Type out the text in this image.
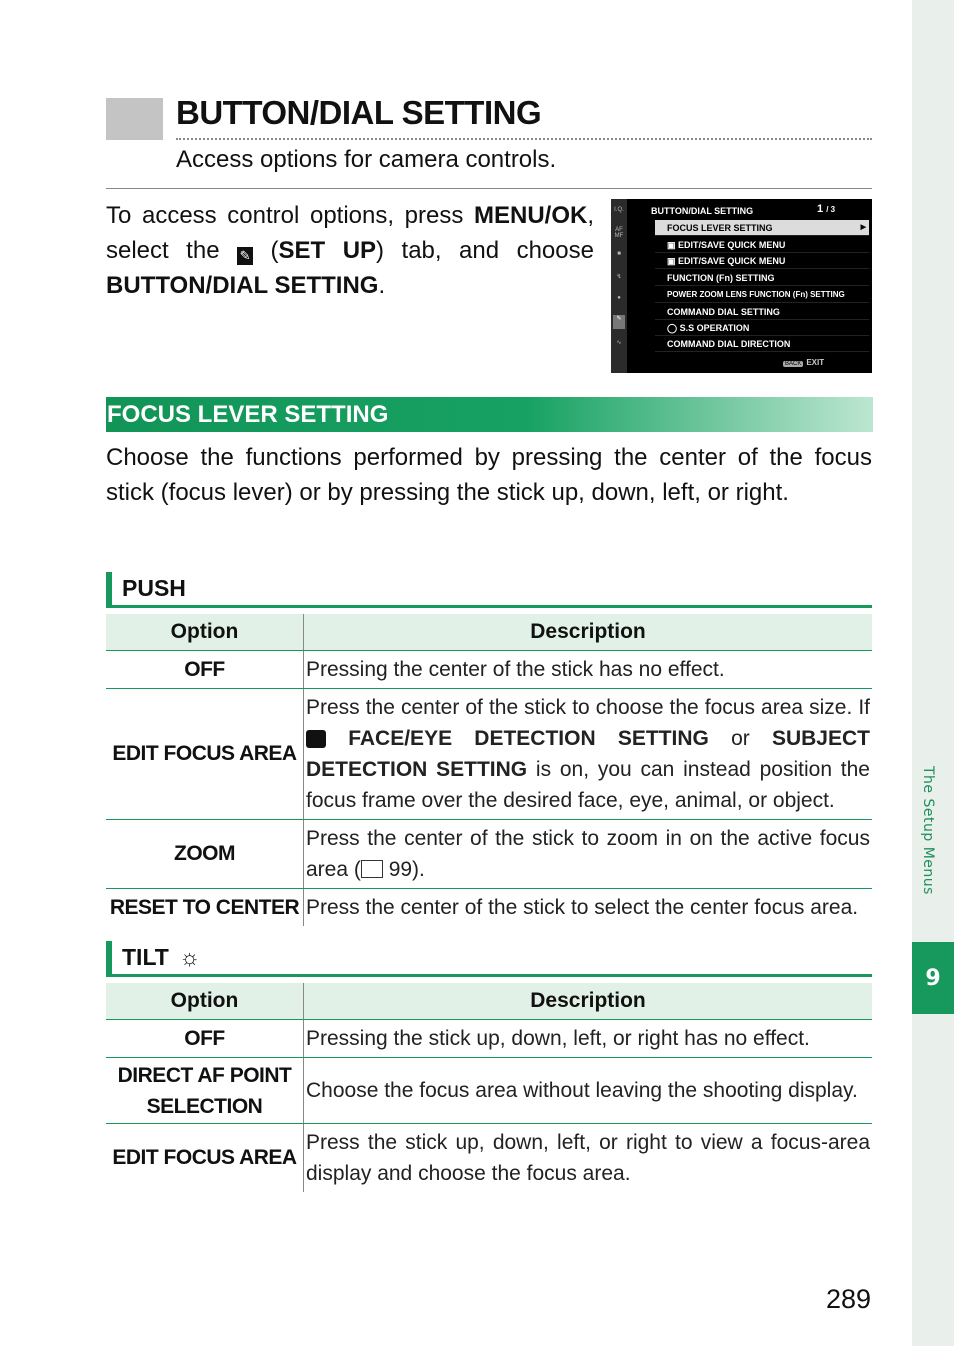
The Setup Menus
9
BUTTON/DIAL SETTING
Access options for camera controls.
To access control options, press MENU/OK, select the ✎ (SET UP) tab, and choose BUTTON/DIAL SETTING.
I.Q.
AF MF
■
↯
●
✎
∿
BUTTON/DIAL SETTING	1 / 3
FOCUS LEVER SETTING ▶
▣ EDIT/SAVE QUICK MENU
▣ EDIT/SAVE QUICK MENU
FUNCTION (Fn) SETTING
POWER ZOOM LENS FUNCTION (Fn) SETTING
COMMAND DIAL SETTING
◯ S.S OPERATION
COMMAND DIAL DIRECTION
BACK EXIT
FOCUS LEVER SETTING
Choose the functions performed by pressing the center of the focus stick (focus lever) or by pressing the stick up, down, left, or right.
PUSH
Option	Description
OFF	Pressing the center of the stick has no effect.
EDIT FOCUS AREA	Press the center of the stick to choose the focus area size. If  FACE/EYE DETECTION SETTING or SUBJECT DETECTION SETTING is on, you can instead position the focus frame over the desired face, eye, animal, or object.
ZOOM	Press the center of the stick to zoom in on the active focus area ( 99).
RESET TO CENTER	Press the center of the stick to select the center focus area.
TILT ☼
Option	Description
OFF	Pressing the stick up, down, left, or right has no effect.
DIRECT AF POINT SELECTION	Choose the focus area without leaving the shooting display.
EDIT FOCUS AREA	Press the stick up, down, left, or right to view a focus-area display and choose the focus area.
289
